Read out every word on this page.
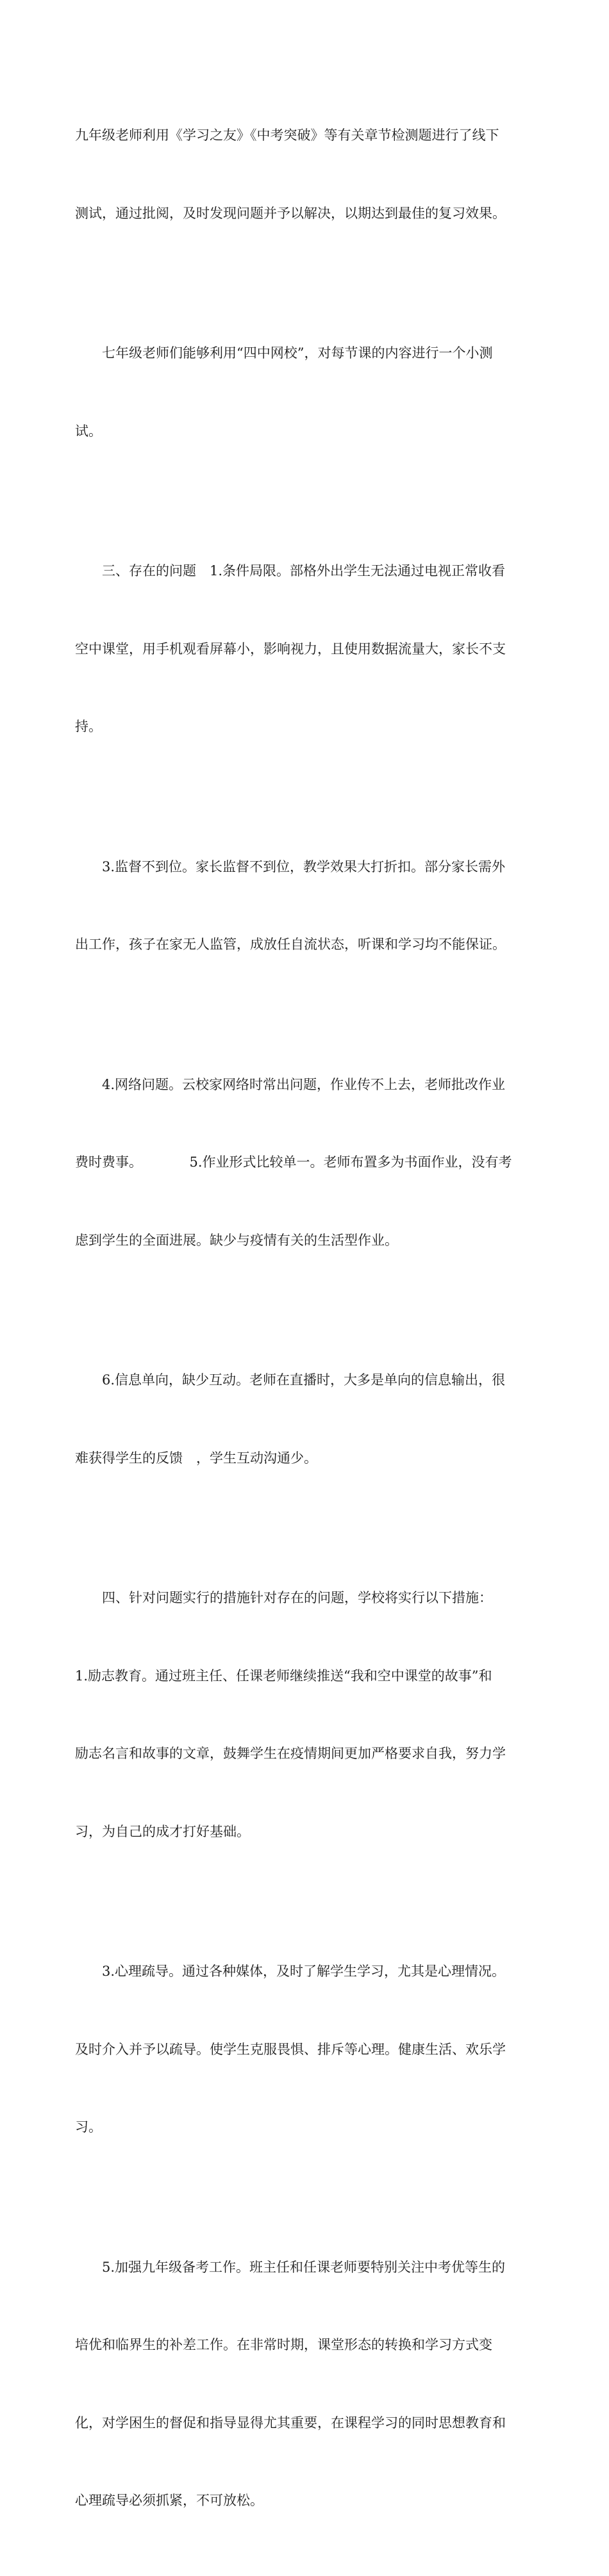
九年级老师利用《学习之友》《中考突破》等有关章节检测题进行了线下

测试，通过批阅，及时发现问题并予以解决，以期达到最佳的复习效果。

七年级老师们能够利用“四中网校”，对每节课的内容进行一个小测

试。

三、存在的问题　1.条件局限。部格外出学生无法通过电视正常收看

空中课堂，用手机观看屏幕小，影响视力，且使用数据流量大，家长不支

持。

3.监督不到位。家长监督不到位，教学效果大打折扣。部分家长需外

出工作，孩子在家无人监管，成放任自流状态，听课和学习均不能保证。

4.网络问题。云校家网络时常出问题，作业传不上去，老师批改作业

费时费事。　　　　5.作业形式比较单一。老师布置多为书面作业，没有考

虑到学生的全面进展。缺少与疫情有关的生活型作业。

6.信息单向，缺少互动。老师在直播时，大多是单向的信息输出，很

难获得学生的反馈　，学生互动沟通少。

四、针对问题实行的措施针对存在的问题，学校将实行以下措施：

1.励志教育。通过班主任、任课老师继续推送“我和空中课堂的故事”和

励志名言和故事的文章，鼓舞学生在疫情期间更加严格要求自我，努力学

习，为自己的成才打好基础。

3.心理疏导。通过各种媒体，及时了解学生学习，尤其是心理情况。

及时介入并予以疏导。使学生克服畏惧、排斥等心理。健康生活、欢乐学

习。

5.加强九年级备考工作。班主任和任课老师要特别关注中考优等生的

培优和临界生的补差工作。在非常时期，课堂形态的转换和学习方式变

化，对学困生的督促和指导显得尤其重要，在课程学习的同时思想教育和

心理疏导必须抓紧，不可放松。
